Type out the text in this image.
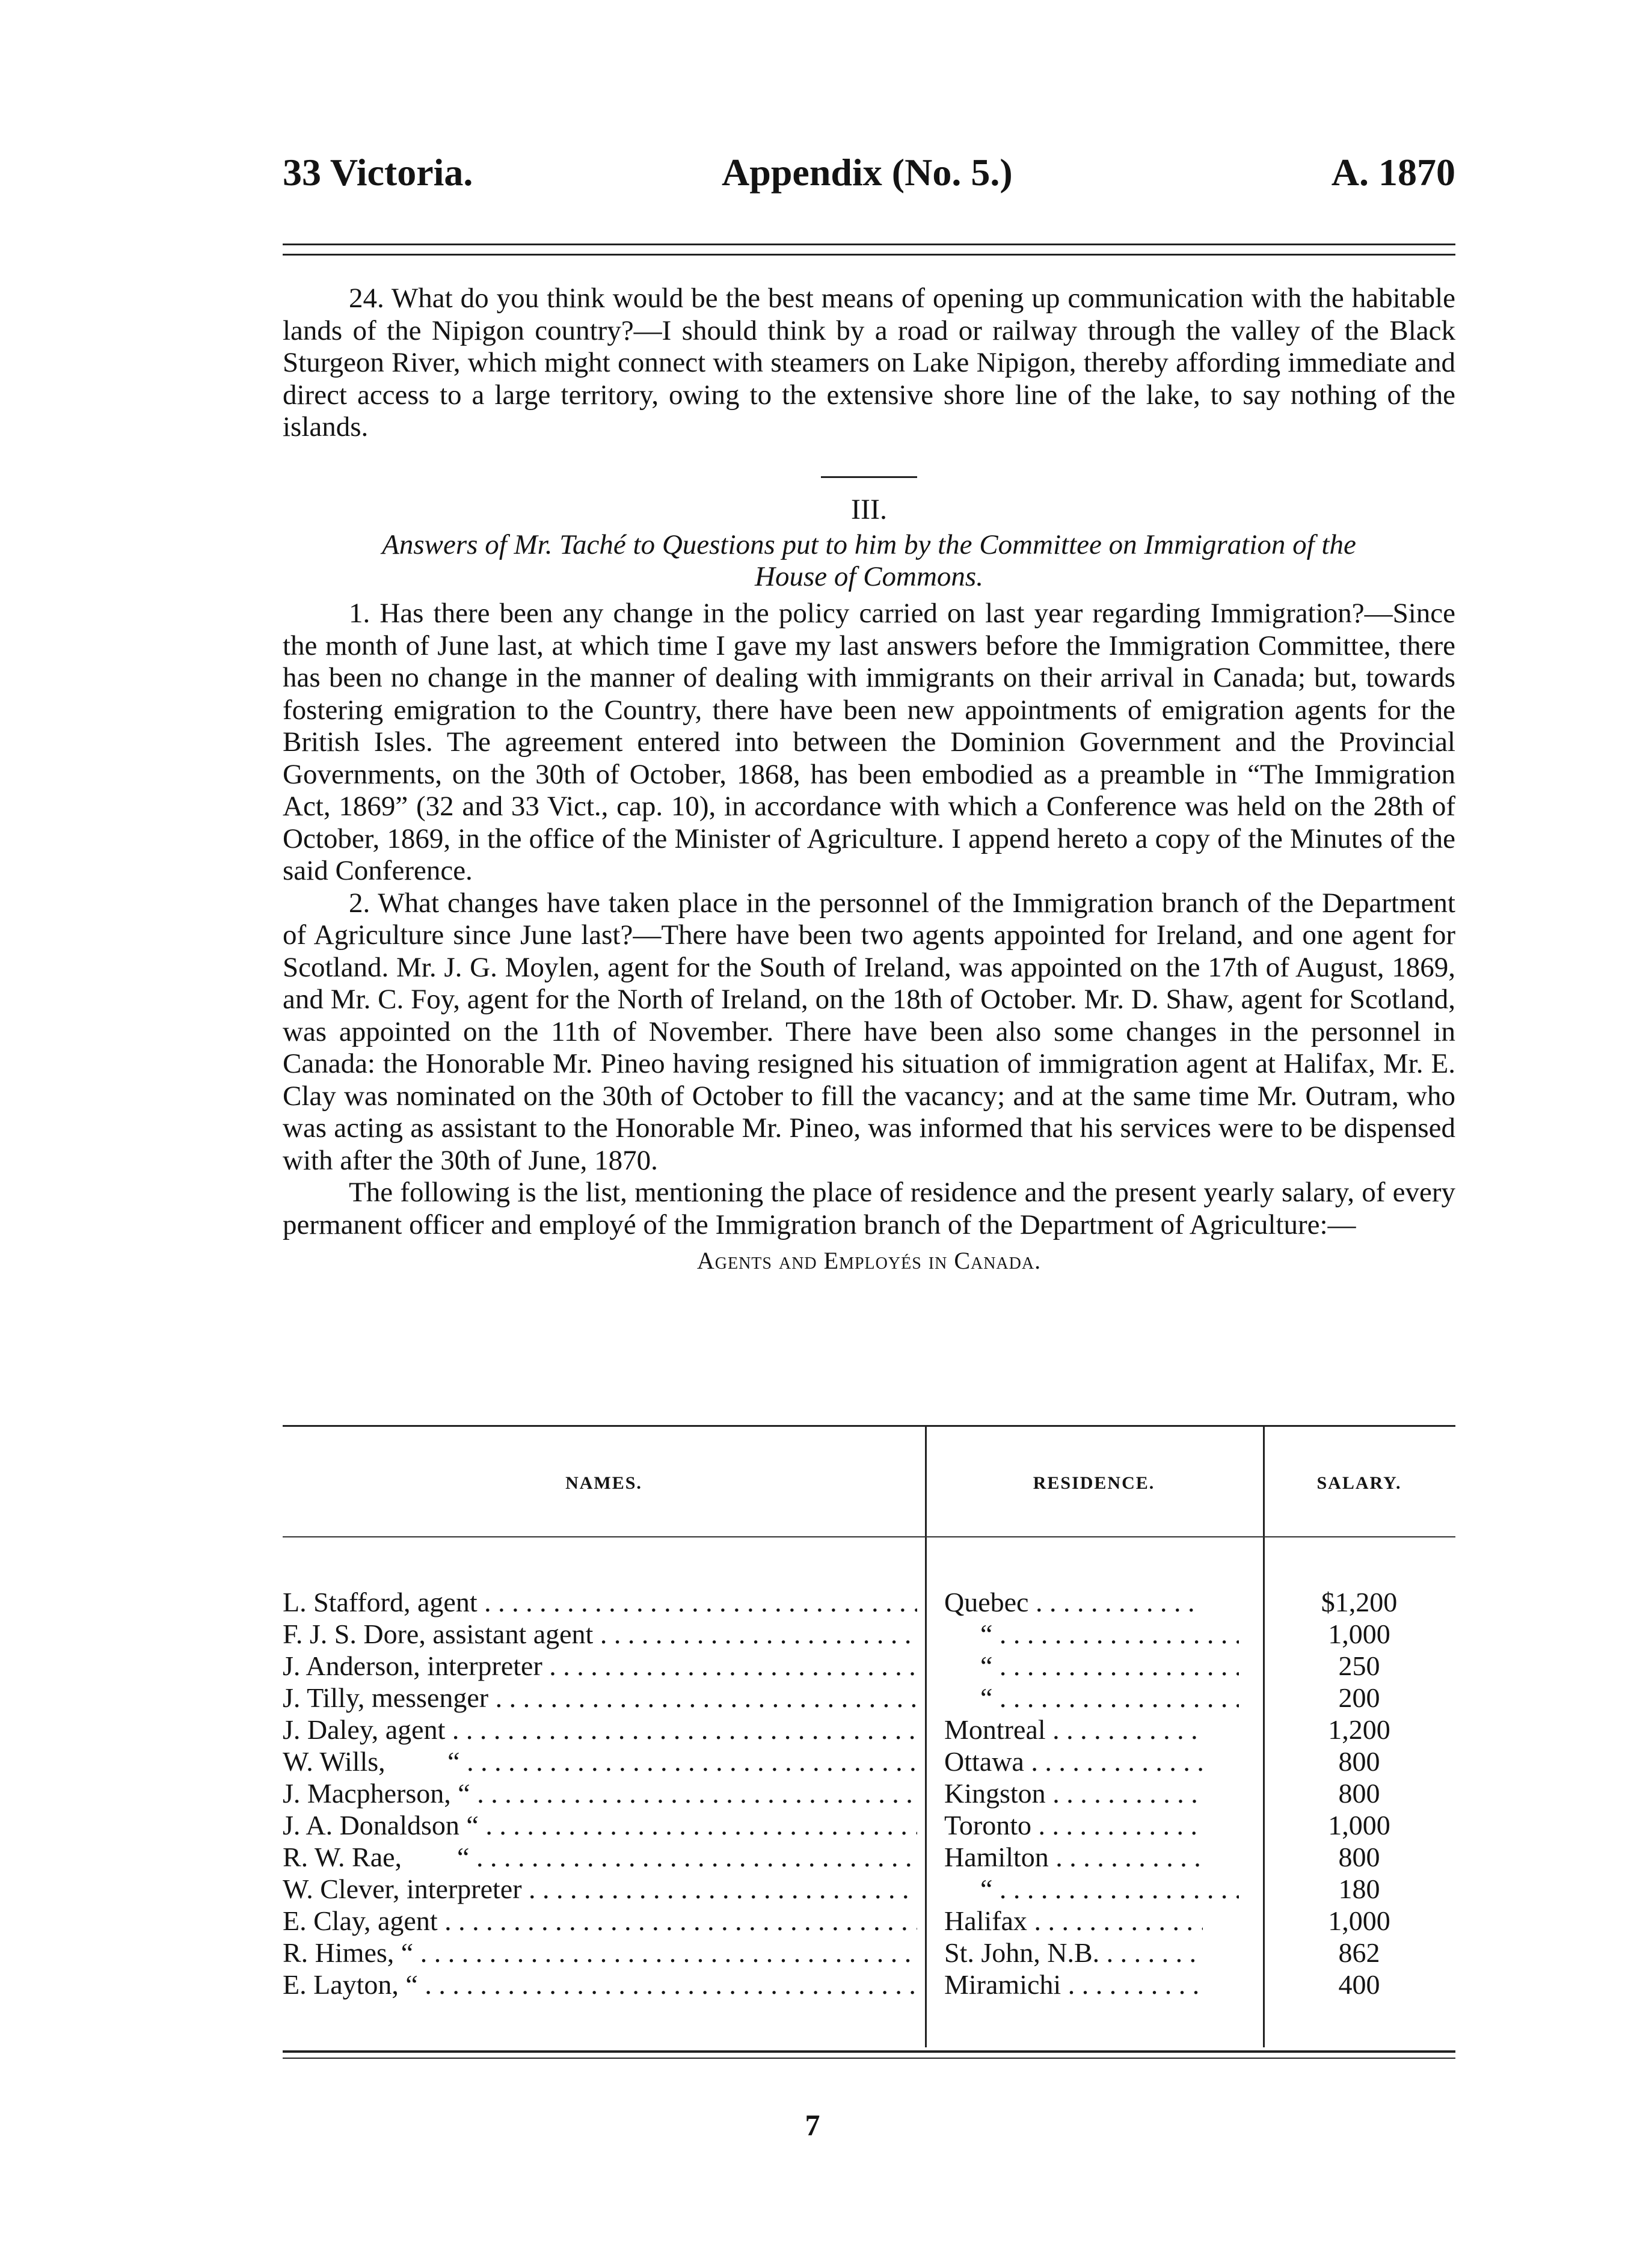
33 Victoria.	Appendix (No. 5.)	A. 1870

24. What do you think would be the best means of opening up communication with the habitable lands of the Nipigon country?—I should think by a road or railway through the valley of the Black Sturgeon River, which might connect with steamers on Lake Nipigon, thereby affording immediate and direct access to a large territory, owing to the extensive shore line of the lake, to say nothing of the islands.

III.
Answers of Mr. Taché to Questions put to him by the Committee on Immigration of the
House of Commons.

1. Has there been any change in the policy carried on last year regarding Immigration?—Since the month of June last, at which time I gave my last answers before the Immigration Committee, there has been no change in the manner of dealing with immigrants on their arrival in Canada; but, towards fostering emigration to the Country, there have been new appointments of emigration agents for the British Isles. The agreement entered into between the Dominion Government and the Provincial Governments, on the 30th of October, 1868, has been embodied as a preamble in “The Immigration Act, 1869” (32 and 33 Vict., cap. 10), in accordance with which a Conference was held on the 28th of October, 1869, in the office of the Minister of Agriculture. I append hereto a copy of the Minutes of the said Conference.

2. What changes have taken place in the personnel of the Immigration branch of the Department of Agriculture since June last?—There have been two agents appointed for Ireland, and one agent for Scotland. Mr. J. G. Moylen, agent for the South of Ireland, was appointed on the 17th of August, 1869, and Mr. C. Foy, agent for the North of Ireland, on the 18th of October. Mr. D. Shaw, agent for Scotland, was appointed on the 11th of November. There have been also some changes in the personnel in Canada: the Honorable Mr. Pineo having resigned his situation of immigration agent at Halifax, Mr. E. Clay was nominated on the 30th of October to fill the vacancy; and at the same time Mr. Outram, who was acting as assistant to the Honorable Mr. Pineo, was informed that his services were to be dispensed with after the 30th of June, 1870.

The following is the list, mentioning the place of residence and the present yearly salary, of every permanent officer and employé of the Immigration branch of the Department of Agriculture:—

Agents and Employés in Canada.
NAMES.	RESIDENCE.	SALARY.
L. Stafford, agent . . .	Quebec . . .	$1,200
F. J. S. Dore, assistant agent . . .	“ . . .	1,000
J. Anderson, interpreter . . .	“ . . .	250
J. Tilly, messenger . . .	“ . . .	200
J. Daley, agent . . .	Montreal . . .	1,200
W. Wills,         “ . . .	Ottawa . . .	800
J. Macpherson, “ . . .	Kingston . . .	800
J. A. Donaldson “ . . .	Toronto . . .	1,000
R. W. Rae,        “ . . .	Hamilton . . .	800
W. Clever, interpreter . . .	“ . . .	180
E. Clay, agent . . .	Halifax . . .	1,000
R. Himes, “ . . .	St. John, N.B. . . .	862
E. Layton, “ . . .	Miramichi . . .	400
7
